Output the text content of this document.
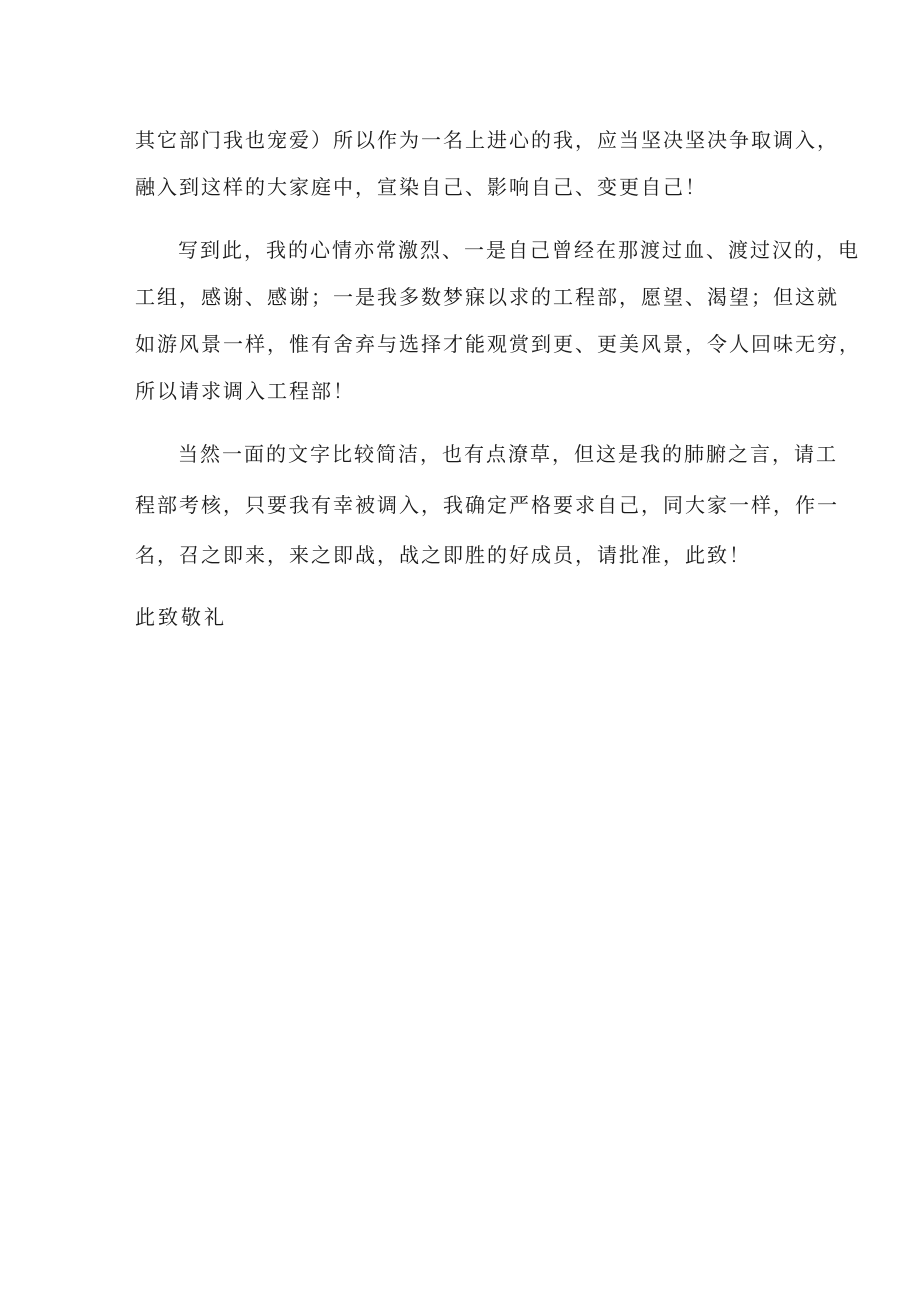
其它部门我也宠爱）所以作为一名上进心的我，应当坚决坚决争取调入，
融入到这样的大家庭中，宣染自己、影响自己、变更自己！
写到此，我的心情亦常激烈、一是自己曾经在那渡过血、渡过汉的，电
工组，感谢、感谢；一是我多数梦寐以求的工程部，愿望、渴望；但这就
如游风景一样，惟有舍弃与选择才能观赏到更、更美风景，令人回味无穷，
所以请求调入工程部！
当然一面的文字比较简洁，也有点潦草，但这是我的肺腑之言，请工
程部考核，只要我有幸被调入，我确定严格要求自己，同大家一样，作一
名，召之即来，来之即战，战之即胜的好成员，请批准，此致！
此致敬礼
